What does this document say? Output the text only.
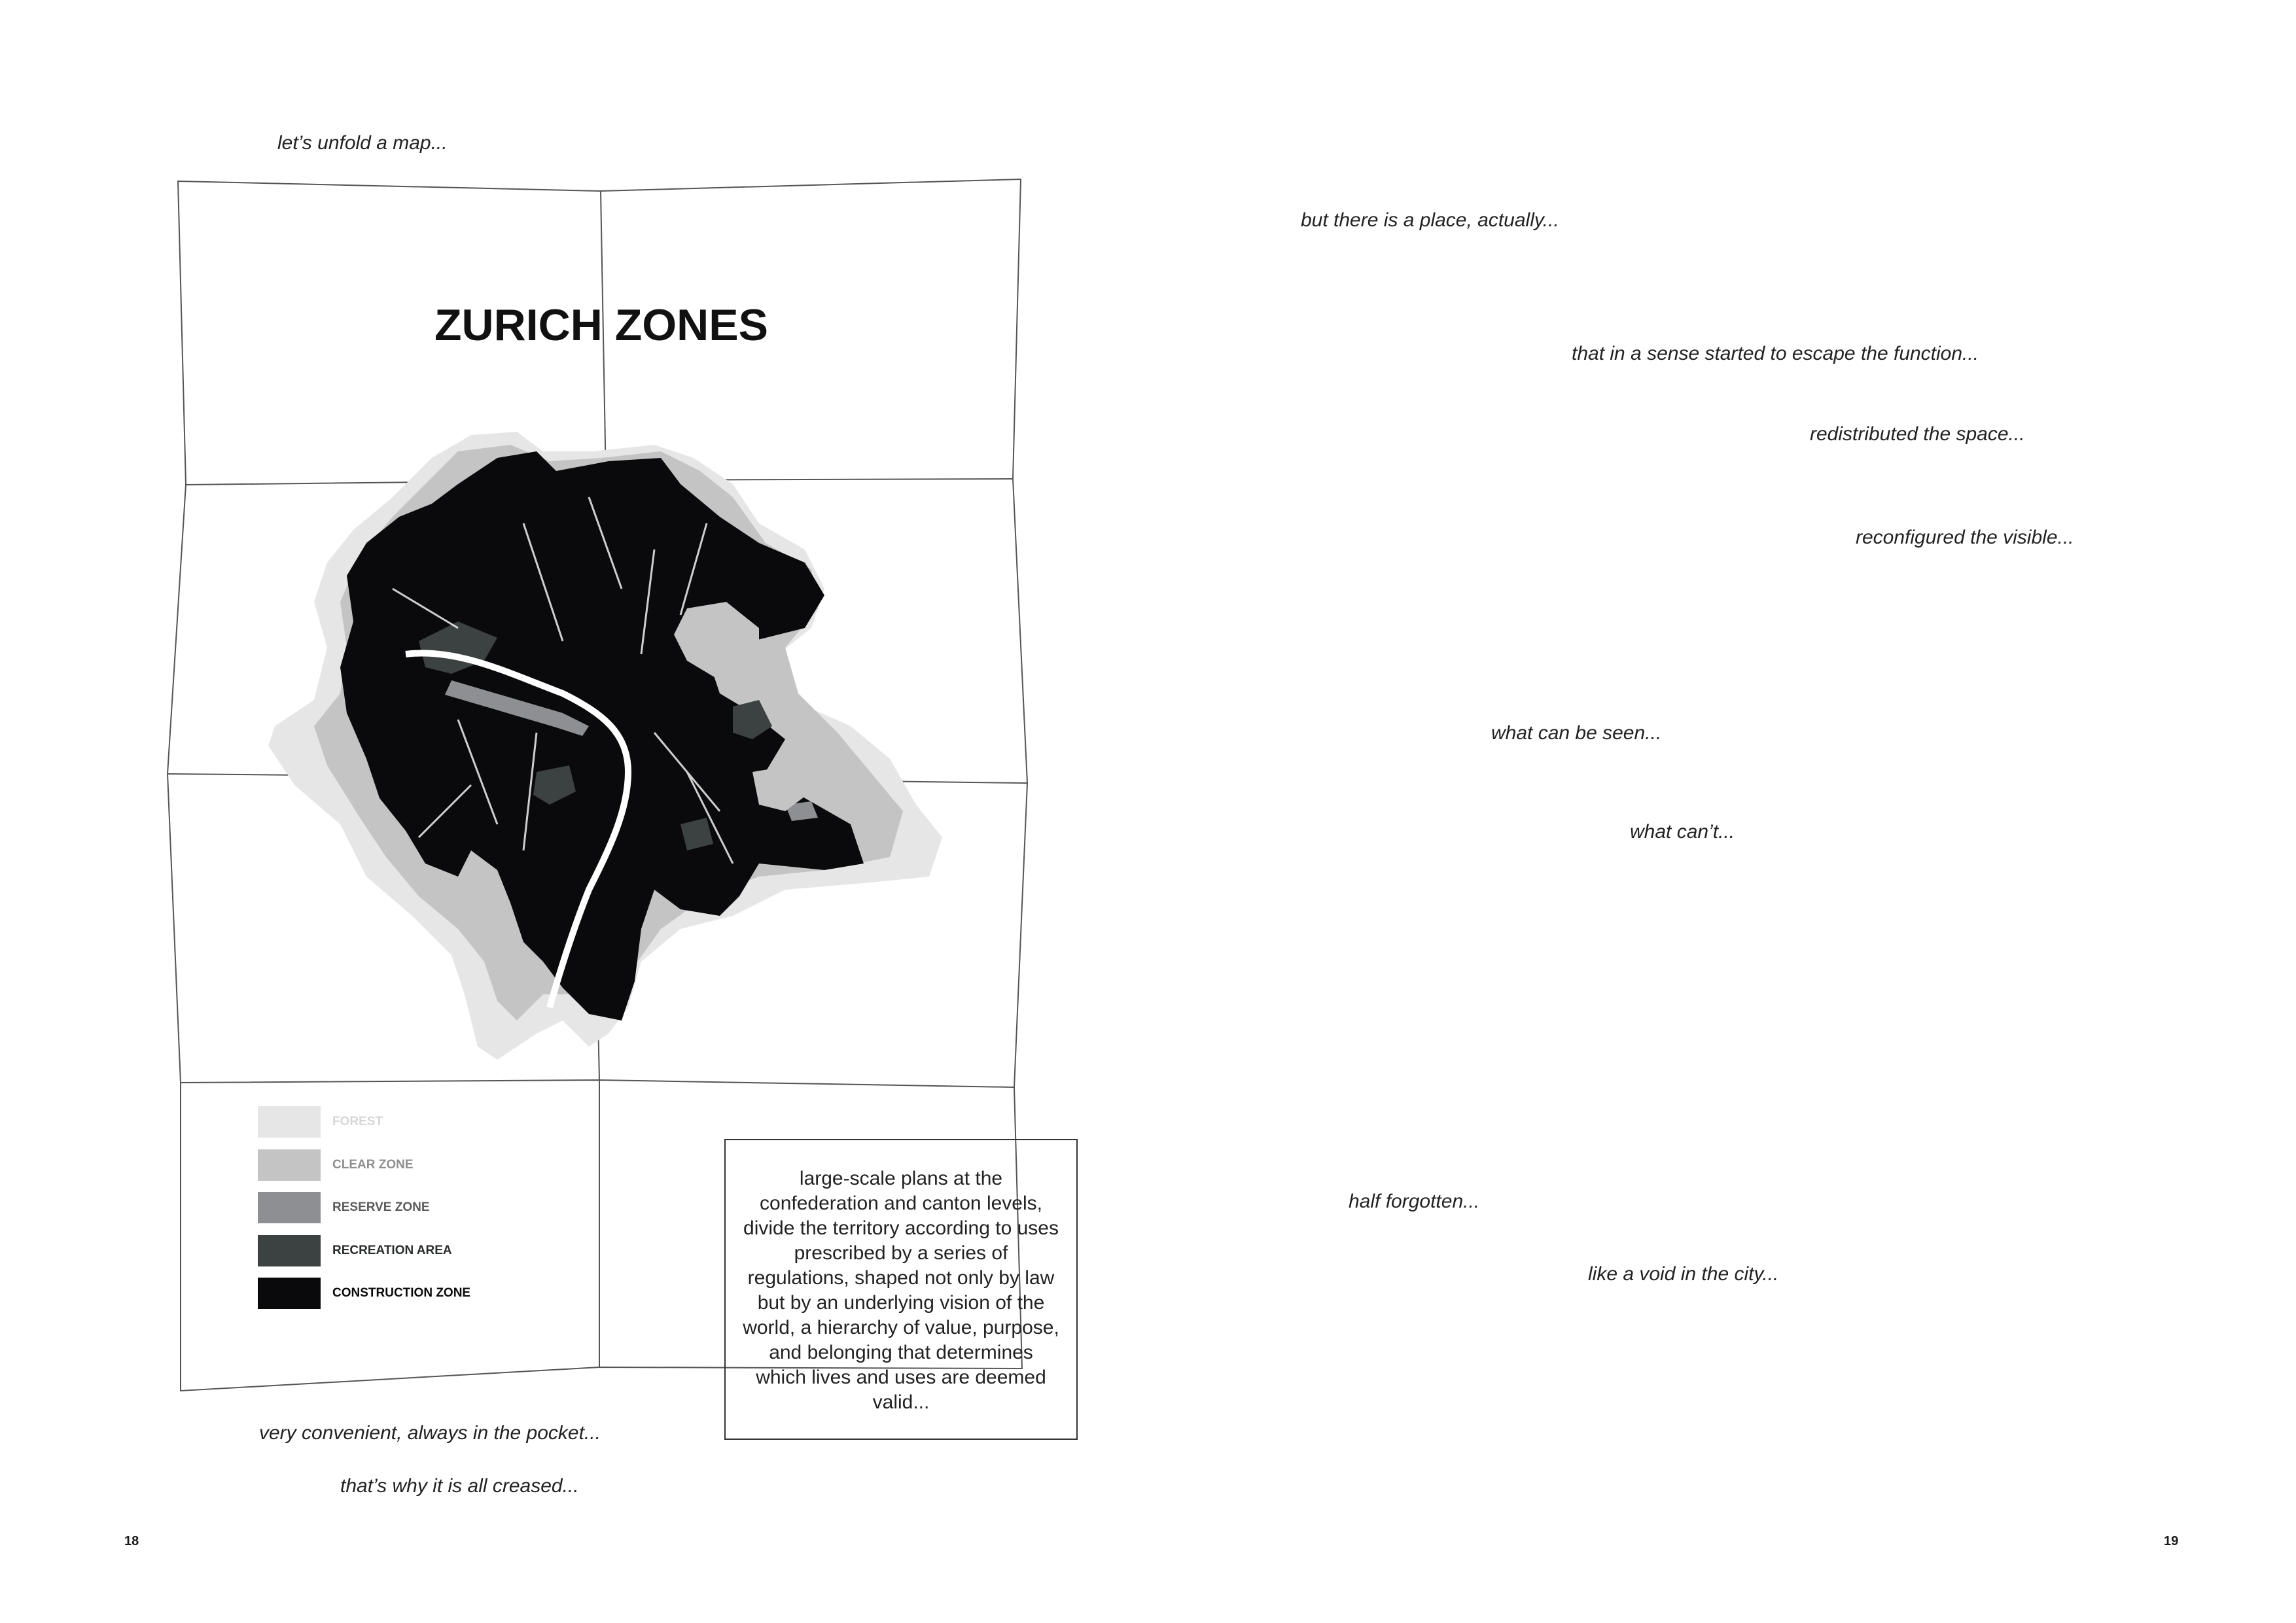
let’s unfold a map...
ZURICH ZONES
FOREST
CLEAR ZONE
RESERVE ZONE
RECREATION AREA
CONSTRUCTION ZONE
large-scale plans at the confederation and canton levels, divide the territory according to uses prescribed by a series of regulations, shaped not only by law but by an underlying vision of the world, a hierarchy of value, purpose, and belonging that determines which lives and uses are deemed valid...
very convenient, always in the pocket...
that’s why it is all creased...
18
but there is a place, actually...
that in a sense started to escape the function...
redistributed the space...
reconfigured the visible...
what can be seen...
what can’t...
half forgotten...
like a void in the city...
19
